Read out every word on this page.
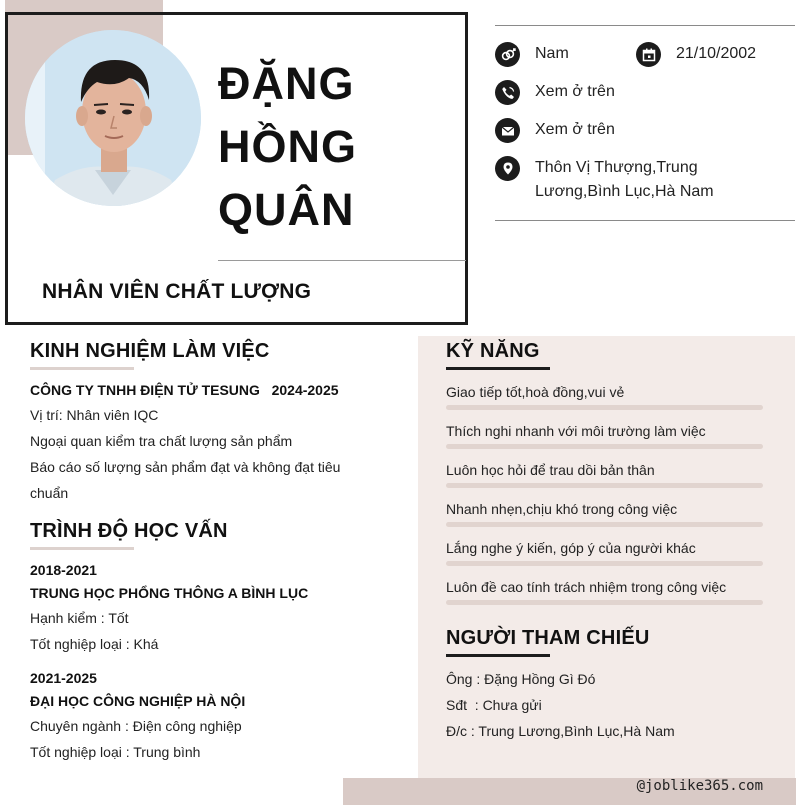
ĐẶNG
HỒNG
QUÂN
NHÂN VIÊN CHẤT LƯỢNG
Nam	21/10/2002
Xem ở trên
Xem ở trên
Thôn Vị Thượng,Trung
Lương,Bình Lục,Hà Nam
KINH NGHIỆM LÀM VIỆC
CÔNG TY TNHH ĐIỆN TỬ TESUNG   2024-2025
Vị trí: Nhân viên IQC
Ngoại quan kiểm tra chất lượng sản phẩm
Báo cáo số lượng sản phẩm đạt và không đạt tiêu
chuẩn
TRÌNH ĐỘ HỌC VẤN
2018-2021
TRUNG HỌC PHỔNG THÔNG A BÌNH LỤC
Hạnh kiểm : Tốt
Tốt nghiệp loại : Khá
2021-2025
ĐẠI HỌC CÔNG NGHIỆP HÀ NỘI
Chuyên ngành : Điện công nghiệp
Tốt nghiệp loại : Trung bình
KỸ NĂNG
Giao tiếp tốt,hoà đồng,vui vẻ
Thích nghi nhanh với môi trường làm việc
Luôn học hỏi để trau dồi bản thân
Nhanh nhẹn,chịu khó trong công việc
Lắng nghe ý kiến, góp ý của người khác
Luôn đề cao tính trách nhiệm trong công việc
NGƯỜI THAM CHIẾU
Ông : Đặng Hồng Gì Đó
Sđt  : Chưa gửi
Đ/c : Trung Lương,Bình Lục,Hà Nam
@joblike365.com
